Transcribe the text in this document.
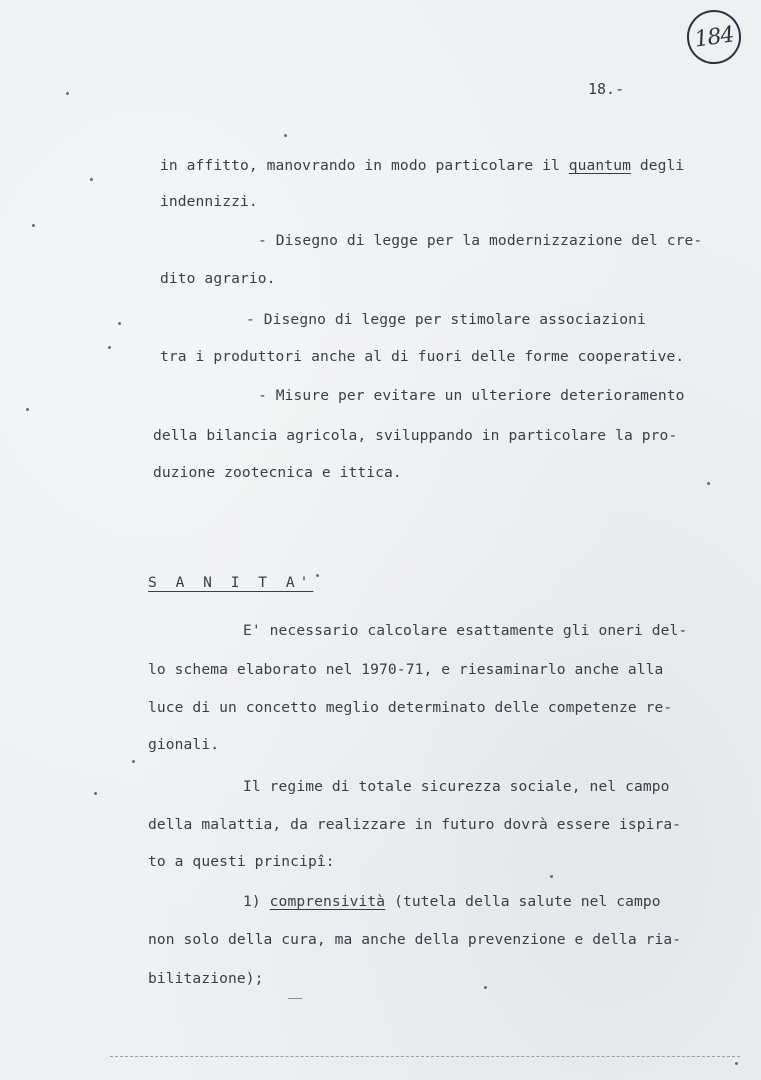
184
18.-
in affitto, manovrando in modo particolare il quantum degli
indennizzi.
- Disegno di legge per la modernizzazione del cre-
dito agrario.
- Disegno di legge per stimolare associazioni
tra i produttori anche al di fuori delle forme cooperative.
- Misure per evitare un ulteriore deterioramento
della bilancia agricola, sviluppando in particolare la pro-
duzione zootecnica e ittica.
S A N I T A'
E' necessario calcolare esattamente gli oneri del-
lo schema elaborato nel 1970-71, e riesaminarlo anche alla
luce di un concetto meglio determinato delle competenze re-
gionali.
Il regime di totale sicurezza sociale, nel campo
della malattia, da realizzare in futuro dovrà essere ispira-
to a questi principî:
1) comprensività (tutela della salute nel campo
non solo della cura, ma anche della prevenzione e della ria-
bilitazione);
